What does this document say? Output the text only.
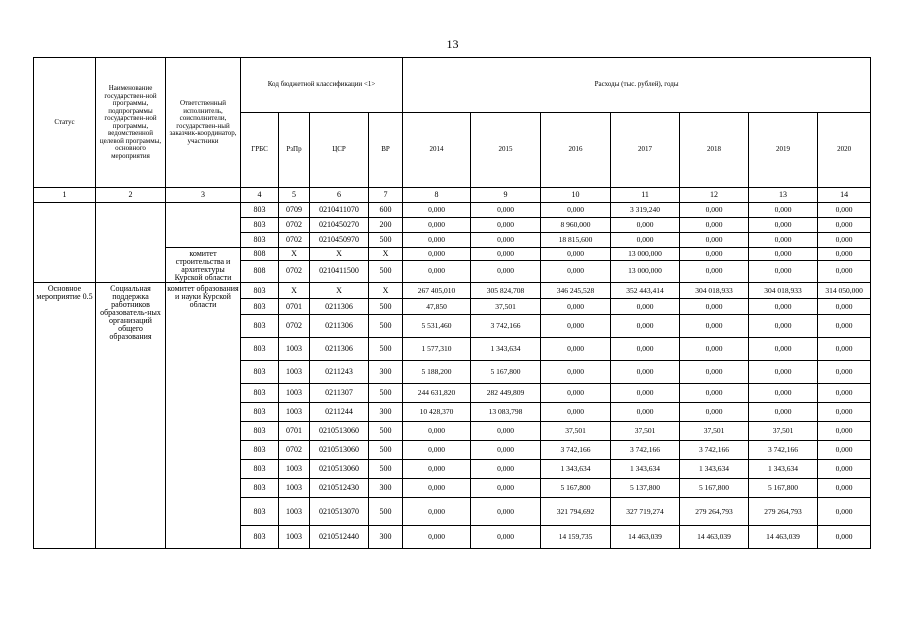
13
Статус	Наименование государствен-ной программы, подпрограммы государствен-ной программы, ведомственной целевой программы, основного мероприятия	Ответственный исполнитель, соисполнители, государствен-ный заказчик-координатор, участники	Код бюджетной классификации <1>				Расходы (тыс. рублей), годы						
			ГРБС	РзПр	ЦСР	ВР	2014	2015	2016	2017	2018	2019	2020
1	2	3	4	5	6	7	8	9	10	11	12	13	14
			803	0709	0210411070	600	0,000	0,000	0,000	3 319,240	0,000	0,000	0,000
			803	0702	0210450270	200	0,000	0,000	8 960,000	0,000	0,000	0,000	0,000
			803	0702	0210450970	500	0,000	0,000	18 815,600	0,000	0,000	0,000	0,000
		комитет строительства и архитектуры Курской области	808	X	X	X	0,000	0,000	0,000	13 000,000	0,000	0,000	0,000
			808	0702	0210411500	500	0,000	0,000	0,000	13 000,000	0,000	0,000	0,000
Основное мероприятие 0.5	Социальная поддержка работников образователь-ных организаций общего образования	комитет образования и науки Курской области	803	X	X	X	267 405,010	305 824,708	346 245,528	352 443,414	304 018,933	304 018,933	314 050,000
			803	0701	0211306	500	47,850	37,501	0,000	0,000	0,000	0,000	0,000
			803	0702	0211306	500	5 531,460	3 742,166	0,000	0,000	0,000	0,000	0,000
			803	1003	0211306	500	1 577,310	1 343,634	0,000	0,000	0,000	0,000	0,000
			803	1003	0211243	300	5 188,200	5 167,800	0,000	0,000	0,000	0,000	0,000
			803	1003	0211307	500	244 631,820	282 449,809	0,000	0,000	0,000	0,000	0,000
			803	1003	0211244	300	10 428,370	13 083,798	0,000	0,000	0,000	0,000	0,000
			803	0701	0210513060	500	0,000	0,000	37,501	37,501	37,501	37,501	0,000
			803	0702	0210513060	500	0,000	0,000	3 742,166	3 742,166	3 742,166	3 742,166	0,000
			803	1003	0210513060	500	0,000	0,000	1 343,634	1 343,634	1 343,634	1 343,634	0,000
			803	1003	0210512430	300	0,000	0,000	5 167,800	5 137,800	5 167,800	5 167,800	0,000
			803	1003	0210513070	500	0,000	0,000	321 794,692	327 719,274	279 264,793	279 264,793	0,000
			803	1003	0210512440	300	0,000	0,000	14 159,735	14 463,039	14 463,039	14 463,039	0,000
